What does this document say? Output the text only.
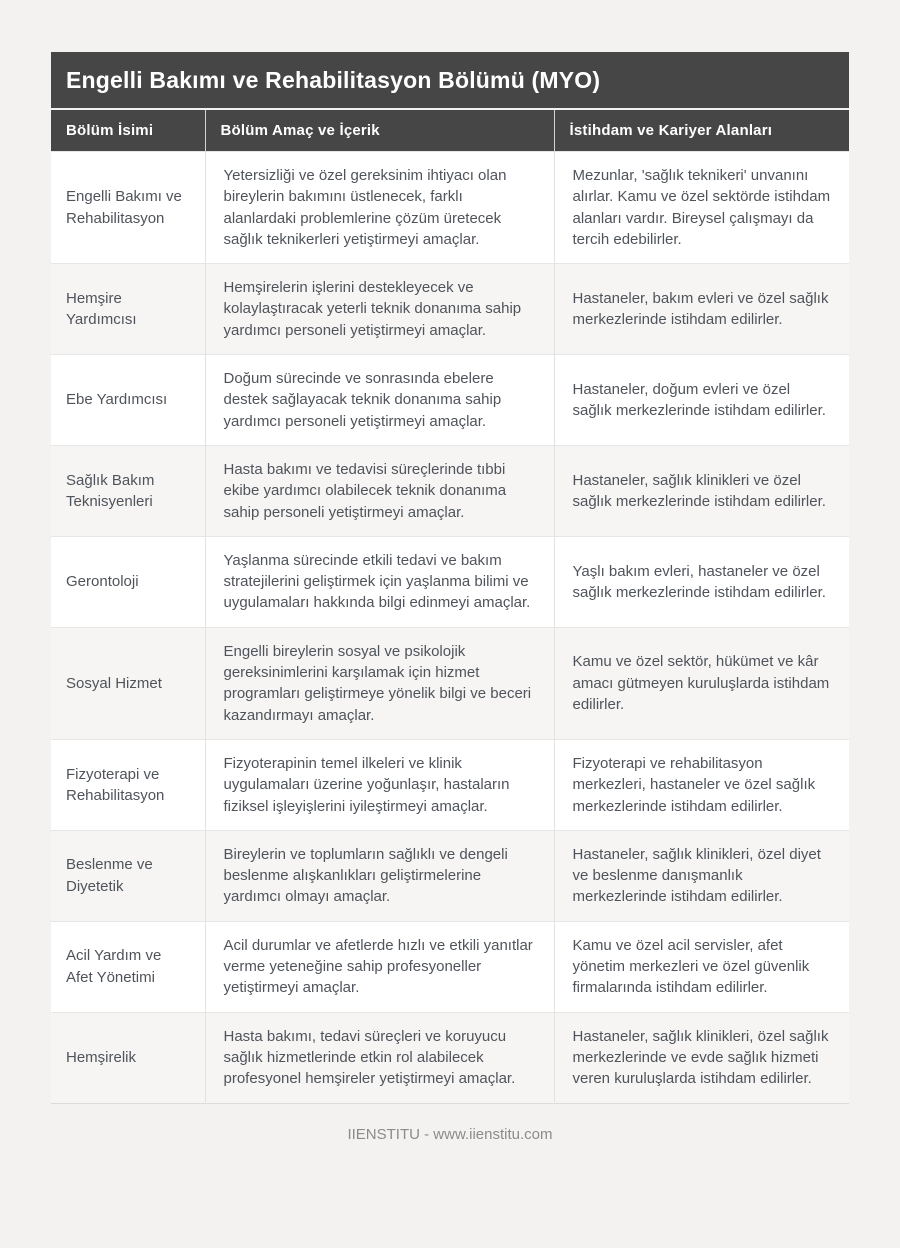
Engelli Bakımı ve Rehabilitasyon Bölümü (MYO)
Bölüm İsimi	Bölüm Amaç ve İçerik	İstihdam ve Kariyer Alanları
Engelli Bakımı ve Rehabilitasyon	Yetersizliği ve özel gereksinim ihtiyacı olan bireylerin bakımını üstlenecek, farklı alanlardaki problemlerine çözüm üretecek sağlık teknikerleri yetiştirmeyi amaçlar.	Mezunlar, 'sağlık teknikeri' unvanını alırlar. Kamu ve özel sektörde istihdam alanları vardır. Bireysel çalışmayı da tercih edebilirler.
Hemşire Yardımcısı	Hemşirelerin işlerini destekleyecek ve kolaylaştıracak yeterli teknik donanıma sahip yardımcı personeli yetiştirmeyi amaçlar.	Hastaneler, bakım evleri ve özel sağlık merkezlerinde istihdam edilirler.
Ebe Yardımcısı	Doğum sürecinde ve sonrasında ebelere destek sağlayacak teknik donanıma sahip yardımcı personeli yetiştirmeyi amaçlar.	Hastaneler, doğum evleri ve özel sağlık merkezlerinde istihdam edilirler.
Sağlık Bakım Teknisyenleri	Hasta bakımı ve tedavisi süreçlerinde tıbbi ekibe yardımcı olabilecek teknik donanıma sahip personeli yetiştirmeyi amaçlar.	Hastaneler, sağlık klinikleri ve özel sağlık merkezlerinde istihdam edilirler.
Gerontoloji	Yaşlanma sürecinde etkili tedavi ve bakım stratejilerini geliştirmek için yaşlanma bilimi ve uygulamaları hakkında bilgi edinmeyi amaçlar.	Yaşlı bakım evleri, hastaneler ve özel sağlık merkezlerinde istihdam edilirler.
Sosyal Hizmet	Engelli bireylerin sosyal ve psikolojik gereksinimlerini karşılamak için hizmet programları geliştirmeye yönelik bilgi ve beceri kazandırmayı amaçlar.	Kamu ve özel sektör, hükümet ve kâr amacı gütmeyen kuruluşlarda istihdam edilirler.
Fizyoterapi ve Rehabilitasyon	Fizyoterapinin temel ilkeleri ve klinik uygulamaları üzerine yoğunlaşır, hastaların fiziksel işleyişlerini iyileştirmeyi amaçlar.	Fizyoterapi ve rehabilitasyon merkezleri, hastaneler ve özel sağlık merkezlerinde istihdam edilirler.
Beslenme ve Diyetetik	Bireylerin ve toplumların sağlıklı ve dengeli beslenme alışkanlıkları geliştirmelerine yardımcı olmayı amaçlar.	Hastaneler, sağlık klinikleri, özel diyet ve beslenme danışmanlık merkezlerinde istihdam edilirler.
Acil Yardım ve Afet Yönetimi	Acil durumlar ve afetlerde hızlı ve etkili yanıtlar verme yeteneğine sahip profesyoneller yetiştirmeyi amaçlar.	Kamu ve özel acil servisler, afet yönetim merkezleri ve özel güvenlik firmalarında istihdam edilirler.
Hemşirelik	Hasta bakımı, tedavi süreçleri ve koruyucu sağlık hizmetlerinde etkin rol alabilecek profesyonel hemşireler yetiştirmeyi amaçlar.	Hastaneler, sağlık klinikleri, özel sağlık merkezlerinde ve evde sağlık hizmeti veren kuruluşlarda istihdam edilirler.
IIENSTITU - www.iienstitu.com
